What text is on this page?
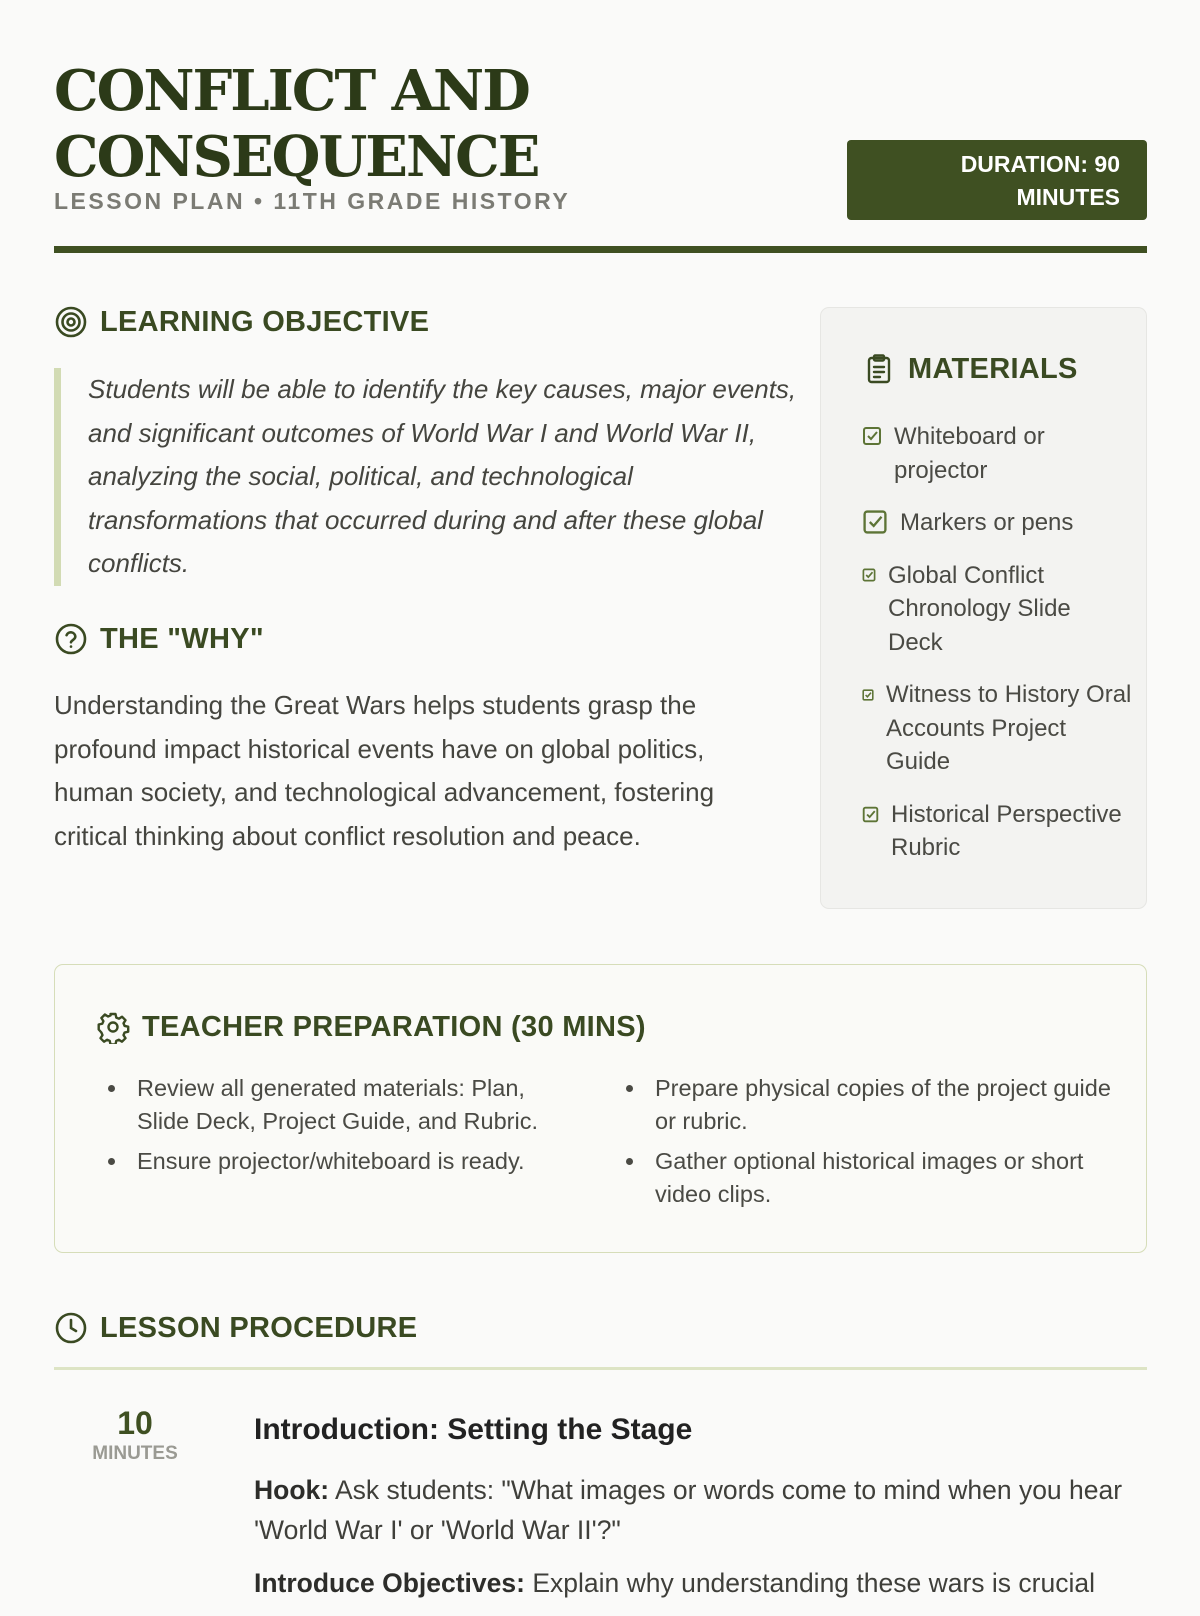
CONFLICT AND CONSEQUENCE
LESSON PLAN • 11TH GRADE HISTORY
DURATION: 90 MINUTES
LEARNING OBJECTIVE
Students will be able to identify the key causes, major events, and significant outcomes of World War I and World War II, analyzing the social, political, and technological transformations that occurred during and after these global conflicts.
THE "WHY"
Understanding the Great Wars helps students grasp the profound impact historical events have on global politics, human society, and technological advancement, fostering critical thinking about conflict resolution and peace.
MATERIALS
Whiteboard or projector
Markers or pens
Global Conflict Chronology Slide Deck
Witness to History Oral Accounts Project Guide
Historical Perspective Rubric
TEACHER PREPARATION (30 MINS)
• Review all generated materials: Plan, Slide Deck, Project Guide, and Rubric.
• Ensure projector/whiteboard is ready.
• Prepare physical copies of the project guide or rubric.
• Gather optional historical images or short video clips.
LESSON PROCEDURE
10
MINUTES
Introduction: Setting the Stage

Hook: Ask students: "What images or words come to mind when you hear 'World War I' or 'World War II'?"

Introduce Objectives: Explain why understanding these wars is crucial
